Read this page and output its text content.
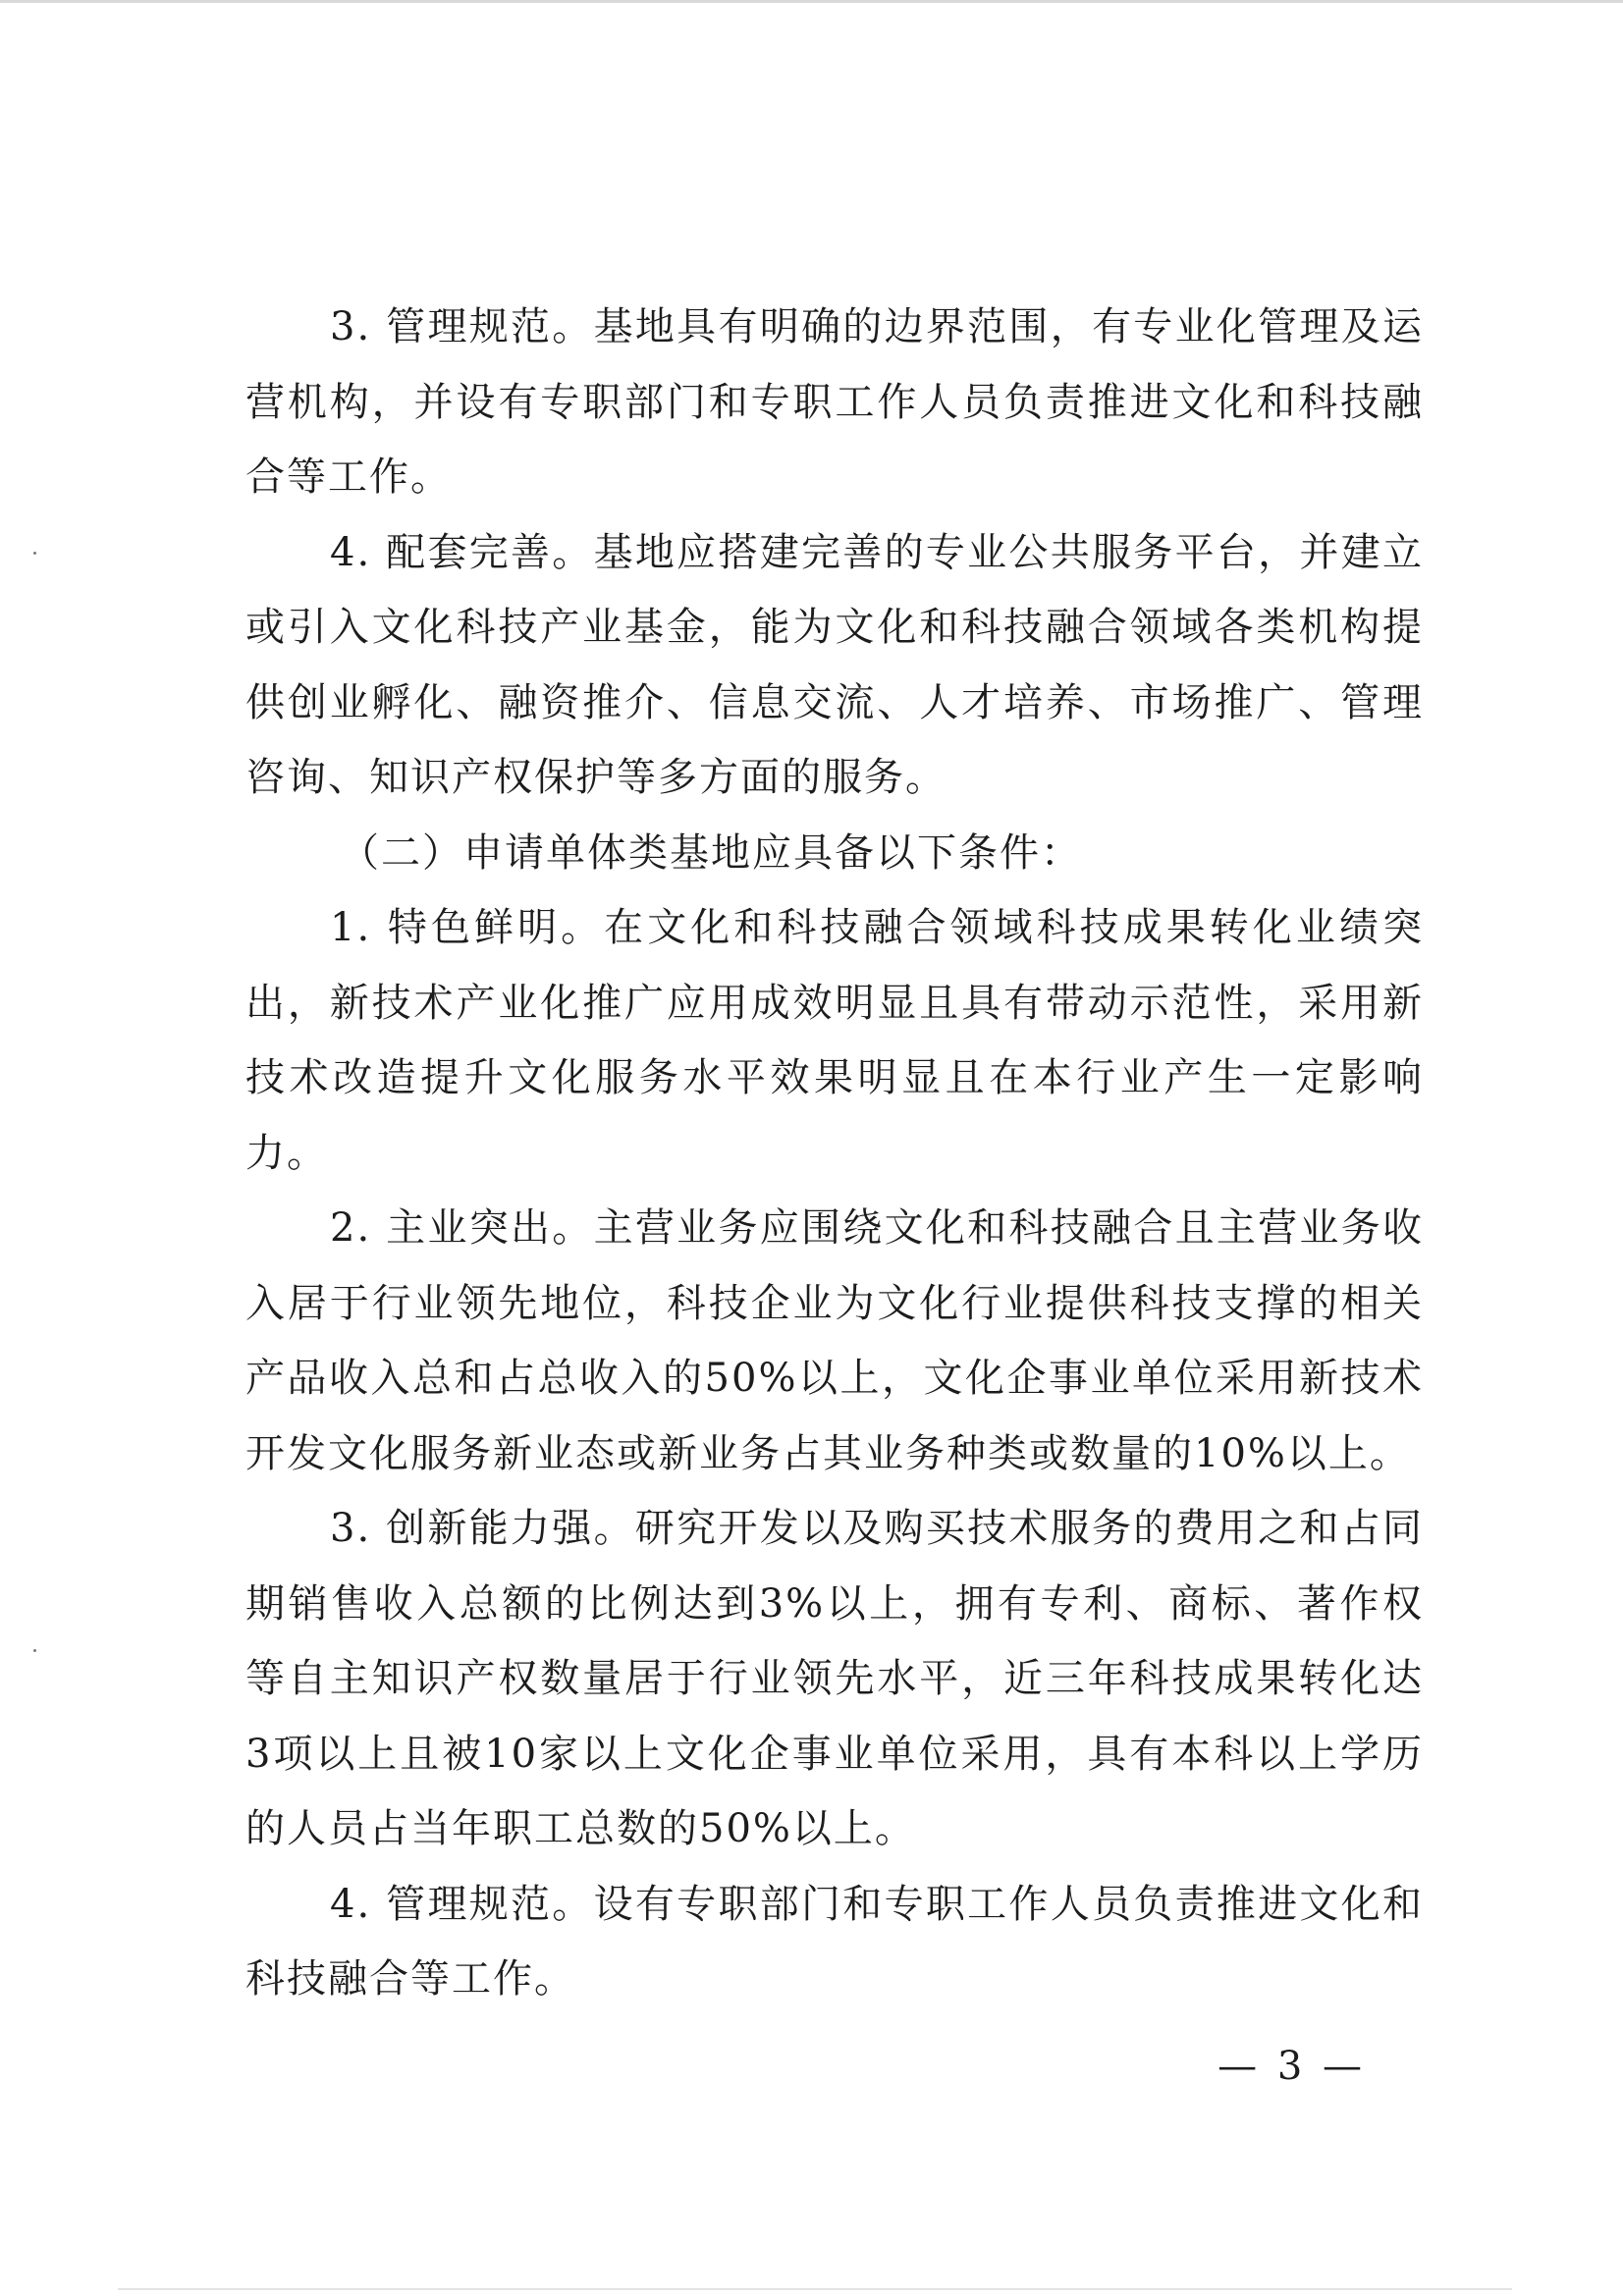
3. 管理规范。基地具有明确的边界范围，有专业化管理及运营机构，并设有专职部门和专职工作人员负责推进文化和科技融合等工作。

4. 配套完善。基地应搭建完善的专业公共服务平台，并建立或引入文化科技产业基金，能为文化和科技融合领域各类机构提供创业孵化、融资推介、信息交流、人才培养、市场推广、管理咨询、知识产权保护等多方面的服务。

（二）申请单体类基地应具备以下条件：

1. 特色鲜明。在文化和科技融合领域科技成果转化业绩突出，新技术产业化推广应用成效明显且具有带动示范性，采用新技术改造提升文化服务水平效果明显且在本行业产生一定影响力。

2. 主业突出。主营业务应围绕文化和科技融合且主营业务收入居于行业领先地位，科技企业为文化行业提供科技支撑的相关产品收入总和占总收入的50%以上，文化企事业单位采用新技术开发文化服务新业态或新业务占其业务种类或数量的10%以上。

3. 创新能力强。研究开发以及购买技术服务的费用之和占同期销售收入总额的比例达到3%以上，拥有专利、商标、著作权等自主知识产权数量居于行业领先水平，近三年科技成果转化达3项以上且被10家以上文化企事业单位采用，具有本科以上学历的人员占当年职工总数的50%以上。

4. 管理规范。设有专职部门和专职工作人员负责推进文化和科技融合等工作。

— 3 —
